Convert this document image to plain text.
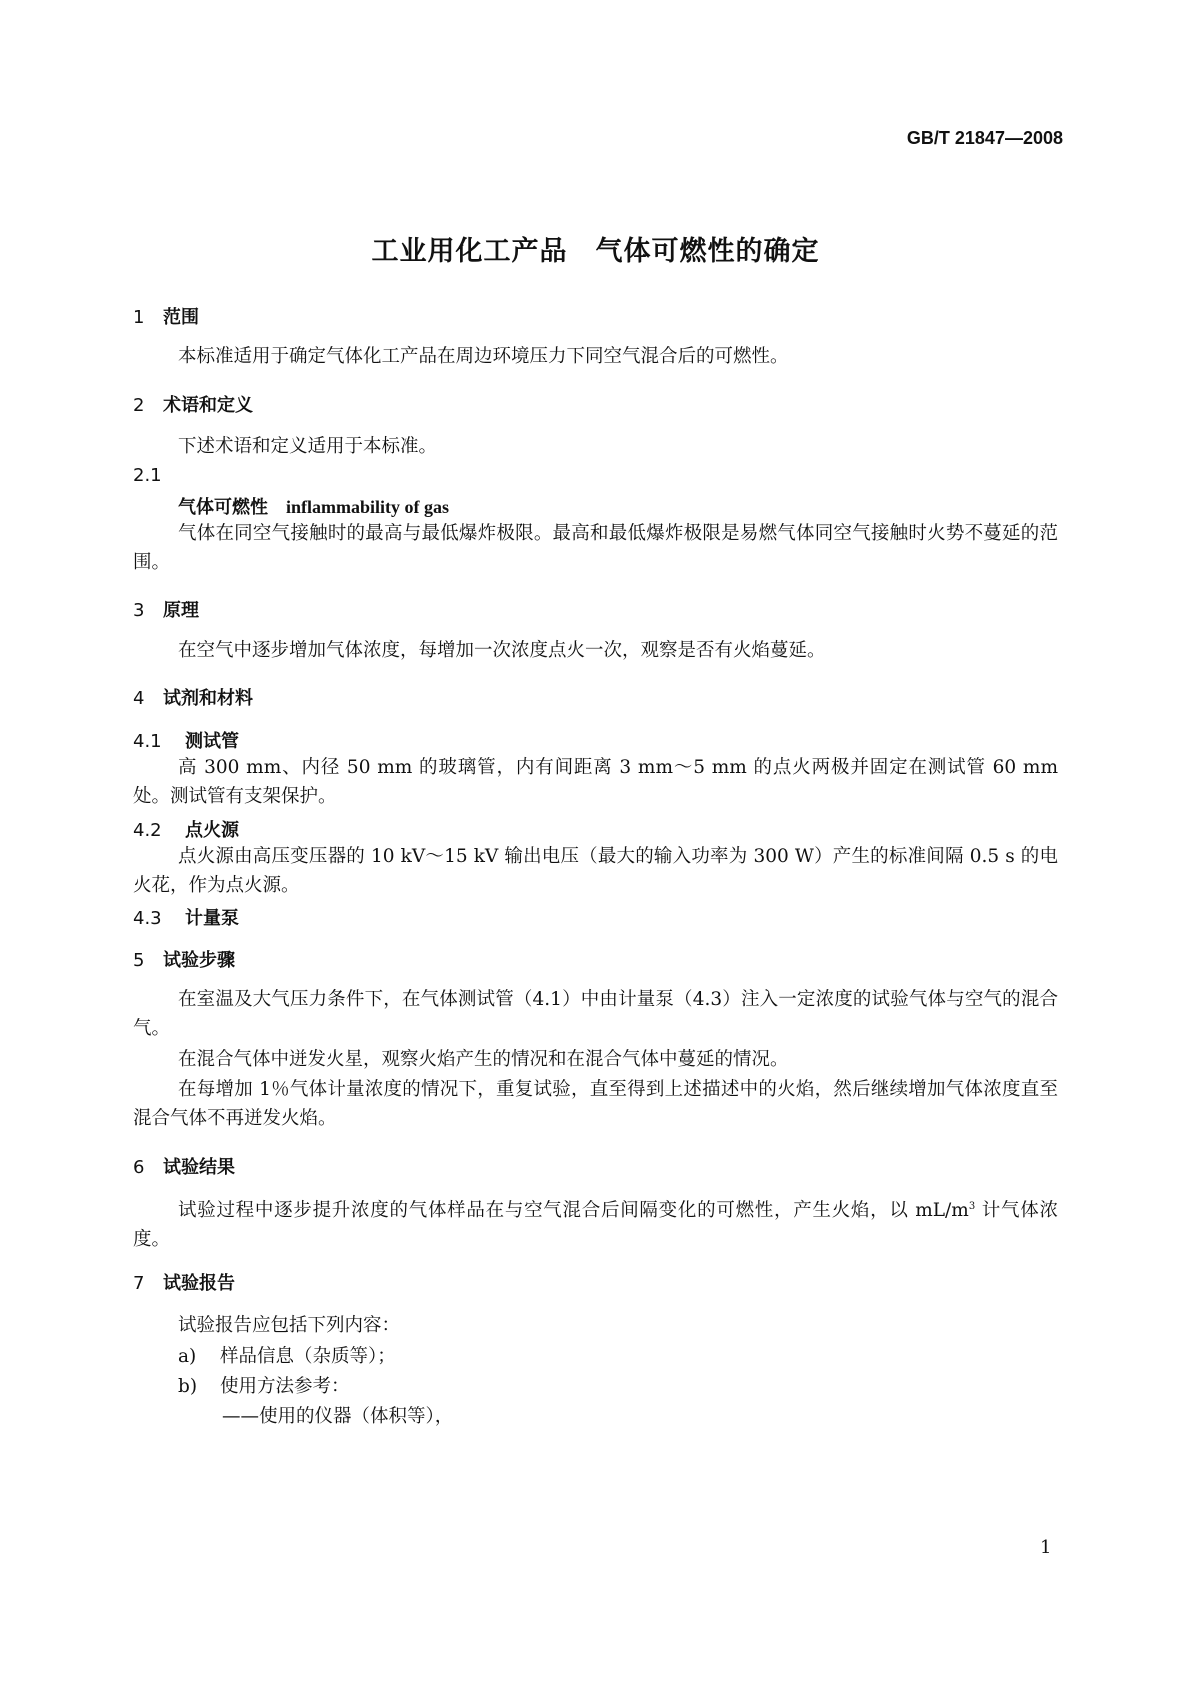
GB/T 21847—2008
工业用化工产品　气体可燃性的确定
1 范围
本标准适用于确定气体化工产品在周边环境压力下同空气混合后的可燃性。
2 术语和定义
下述术语和定义适用于本标准。
2.1
气体可燃性 inflammability of gas
气体在同空气接触时的最高与最低爆炸极限。最高和最低爆炸极限是易燃气体同空气接触时火势不蔓延的范围。
3 原理
在空气中逐步增加气体浓度，每增加一次浓度点火一次，观察是否有火焰蔓延。
4 试剂和材料
4.1 测试管
高 300 mm、内径 50 mm 的玻璃管，内有间距离 3 mm～5 mm 的点火两极并固定在测试管 60 mm 处。测试管有支架保护。
4.2 点火源
点火源由高压变压器的 10 kV～15 kV 输出电压（最大的输入功率为 300 W）产生的标准间隔 0.5 s 的电火花，作为点火源。
4.3 计量泵
5 试验步骤
在室温及大气压力条件下，在气体测试管（4.1）中由计量泵（4.3）注入一定浓度的试验气体与空气的混合气。
在混合气体中迸发火星，观察火焰产生的情况和在混合气体中蔓延的情况。
在每增加 1％气体计量浓度的情况下，重复试验，直至得到上述描述中的火焰，然后继续增加气体浓度直至混合气体不再迸发火焰。
6 试验结果
试验过程中逐步提升浓度的气体样品在与空气混合后间隔变化的可燃性，产生火焰，以 $mL/m^3$ 计气体浓度。
7 试验报告
试验报告应包括下列内容：
a) 样品信息（杂质等）；
b) 使用方法参考：
——使用的仪器（体积等），
1
